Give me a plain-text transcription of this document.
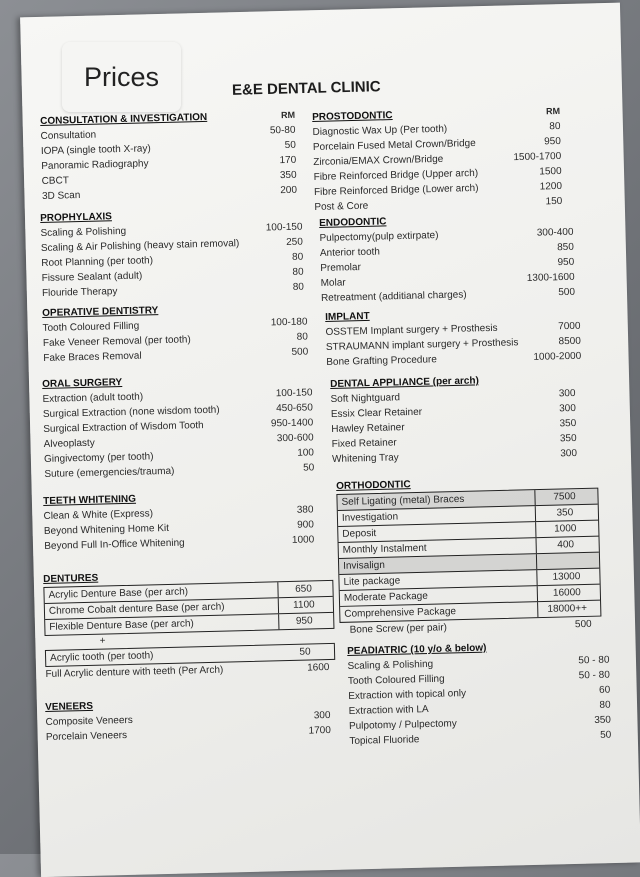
Prices	E&E DENTAL CLINIC
CONSULTATION & INVESTIGATION	RM
Consultation	50-80
IOPA (single tooth X-ray)	50
Panoramic Radiography	170
CBCT	350
3D Scan	200
PROPHYLAXIS
Scaling & Polishing	100-150
Scaling & Air Polishing (heavy stain removal)	250
Root Planning (per tooth)	80
Fissure Sealant (adult)	80
Flouride Therapy	80
OPERATIVE DENTISTRY
Tooth Coloured Filling	100-180
Fake Veneer Removal (per tooth)	80
Fake Braces Removal	500
ORAL SURGERY
Extraction (adult tooth)	100-150
Surgical Extraction (none wisdom tooth)	450-650
Surgical Extraction of Wisdom Tooth	950-1400
Alveoplasty	300-600
Gingivectomy (per tooth)	100
Suture (emergencies/trauma)	50
TEETH WHITENING
Clean & White (Express)	380
Beyond Whitening Home Kit	900
Beyond Full In-Office Whitening	1000
DENTURES
Acrylic Denture Base (per arch)	650
Chrome Cobalt denture Base (per arch)	1100
Flexible Denture Base (per arch)	950
+
Acrylic tooth (per tooth)	50
Full Acrylic denture with teeth (Per Arch)	1600
VENEERS
Composite Veneers	300
Porcelain Veneers	1700
PROSTODONTIC	RM
Diagnostic Wax Up (Per tooth)	80
Porcelain Fused Metal Crown/Bridge	950
Zirconia/EMAX Crown/Bridge	1500-1700
Fibre Reinforced Bridge (Upper arch)	1500
Fibre Reinforced Bridge (Lower arch)	1200
Post & Core	150
ENDODONTIC
Pulpectomy(pulp extirpate)	300-400
Anterior tooth	850
Premolar	950
Molar	1300-1600
Retreatment (additianal charges)	500
IMPLANT
OSSTEM Implant surgery + Prosthesis	7000
STRAUMANN implant surgery + Prosthesis	8500
Bone Grafting Procedure	1000-2000
DENTAL APPLIANCE (per arch)
Soft Nightguard	300
Essix Clear Retainer	300
Hawley Retainer	350
Fixed Retainer	350
Whitening Tray	300
ORTHODONTIC
Self Ligating (metal) Braces	7500
Investigation	350
Deposit	1000
Monthly Instalment	400
Invisalign
Lite package	13000
Moderate Package	16000
Comprehensive Package	18000++
Bone Screw (per pair)	500
PEADIATRIC (10 y/o & below)
Scaling & Polishing	50 - 80
Tooth Coloured Filling	50 - 80
Extraction with topical only	60
Extraction with LA	80
Pulpotomy / Pulpectomy	350
Topical Fluoride	50
